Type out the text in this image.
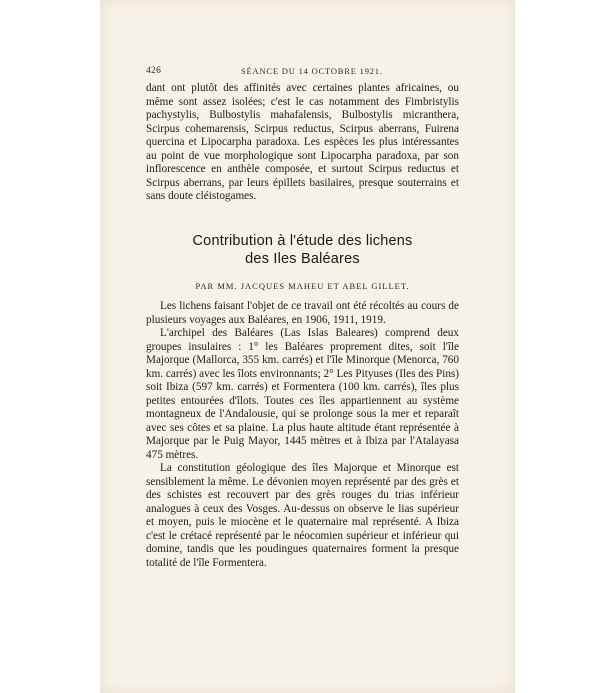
426	SÉANCE DU 14 OCTOBRE 1921.

dant ont plutôt des affinités avec certaines plantes africaines, ou même sont assez isolées; c'est le cas notamment des Fimbristylis pachystylis, Bulbostylis mahafalensis, Bulbostylis micranthera, Scirpus cohemarensis, Scirpus reductus, Scirpus aberrans, Fuirena quercina et Lipocarpha paradoxa. Les espèces les plus intéressantes au point de vue morphologique sont Lipocarpha paradoxa, par son inflorescence en anthèle composée, et surtout Scirpus reductus et Scirpus aberrans, par leurs épillets basilaires, presque souterrains et sans doute cléistogames.

Contribution à l'étude des lichens
des Iles Baléares
PAR MM. JACQUES MAHEU ET ABEL GILLET.

Les lichens faisant l'objet de ce travail ont été récoltés au cours de plusieurs voyages aux Baléares, en 1906, 1911, 1919.

L'archipel des Baléares (Las Islas Baleares) comprend deux groupes insulaires : 1° les Baléares proprement dites, soit l'île Majorque (Mallorca, 355 km. carrés) et l'île Minorque (Menorca, 760 km. carrés) avec les îlots environnants; 2° Les Pityuses (Iles des Pins) soit Ibiza (597 km. carrés) et Formentera (100 km. carrés), îles plus petites entourées d'îlots. Toutes ces îles appartiennent au système montagneux de l'Andalousie, qui se prolonge sous la mer et reparaît avec ses côtes et sa plaine. La plus haute altitude étant représentée à Majorque par le Puig Mayor, 1445 mètres et à Ibiza par l'Atalayasa 475 mètres.

La constitution géologique des îles Majorque et Minorque est sensiblement la même. Le dévonien moyen représenté par des grès et des schistes est recouvert par des grès rouges du trias inférieur analogues à ceux des Vosges. Au-dessus on observe le lias supérieur et moyen, puis le miocène et le quaternaire mal représenté. A Ibiza c'est le crétacé représenté par le néocomien supérieur et inférieur qui domine, tandis que les poudingues quaternaires forment la presque totalité de l'île Formentera.
